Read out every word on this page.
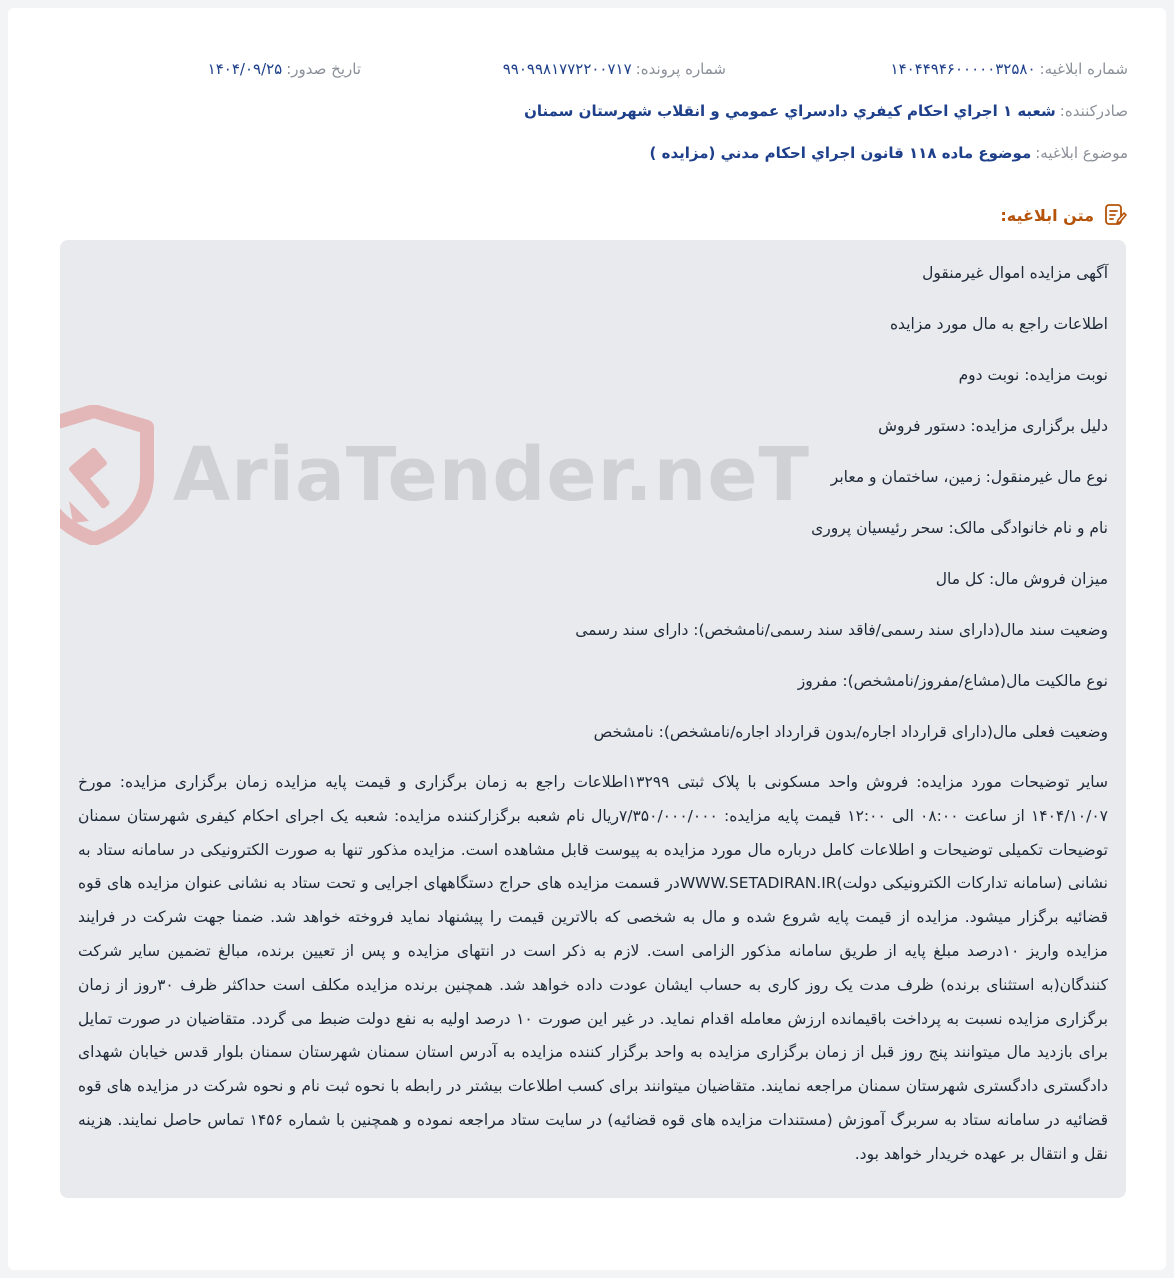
شماره ابلاغیه:
۱۴۰۴۴۹۴۶۰۰۰۰۰۳۲۵۸۰
شماره پرونده:
۹۹۰۹۹۸۱۷۷۲۲۰۰۷۱۷
تاریخ صدور:
۱۴۰۴/۰۹/۲۵
صادرکننده:
شعبه ۱ اجراي احکام کيفري دادسراي عمومي و انقلاب شهرستان سمنان
موضوع ابلاغیه:
موضوع ماده ۱۱۸ قانون اجراي احکام مدني (مزايده )
متن ابلاغیه:
AriaTender.neT
آگهی مزایده اموال غیرمنقول
اطلاعات راجع به مال مورد مزایده
نوبت مزایده: نوبت دوم
دلیل برگزاری مزایده: دستور فروش
نوع مال غیرمنقول: زمین، ساختمان و معابر
نام و نام خانوادگی مالک: سحر رئیسیان پروری
میزان فروش مال: کل مال
وضعیت سند مال(دارای سند رسمی/فاقد سند رسمی/نامشخص): دارای سند رسمی
نوع مالکیت مال(مشاع/مفروز/نامشخص): مفروز
وضعیت فعلی مال(دارای قرارداد اجاره/بدون قرارداد اجاره/نامشخص): نامشخص
سایر توضیحات مورد مزایده: فروش واحد مسکونی با پلاک ثبتی ۱۳۲۹۹اطلاعات راجع به زمان برگزاری و قیمت پایه مزایده زمان برگزاری مزایده: مورخ ۱۴۰۴/۱۰/۰۷ از ساعت ۰۸:۰۰ الی ۱۲:۰۰ قیمت پایه مزایده: ۷/۳۵۰/۰۰۰/۰۰۰ریال نام شعبه برگزارکننده مزایده: شعبه یک اجرای احکام کیفری شهرستان سمنان توضیحات تکمیلی توضیحات و اطلاعات کامل درباره مال مورد مزایده به پیوست قابل مشاهده است. مزایده مذکور تنها به صورت الکترونیکی در سامانه ستاد به نشانی (سامانه تدارکات الکترونیکی دولت)WWW.SETADIRAN.IRدر قسمت مزایده های حراج دستگاههای اجرایی و تحت ستاد به نشانی عنوان مزایده های قوه قضائیه برگزار میشود. مزایده از قیمت پایه شروع شده و مال به شخصی که بالاترین قیمت را پیشنهاد نماید فروخته خواهد شد. ضمنا جهت شرکت در فرایند مزایده واریز ۱۰درصد مبلغ پایه از طریق سامانه مذکور الزامی است. لازم به ذکر است در انتهای مزایده و پس از تعیین برنده، مبالغ تضمین سایر شرکت کنندگان(به استثنای برنده) ظرف مدت یک روز کاری به حساب ایشان عودت داده خواهد شد. همچنین برنده مزایده مکلف است حداکثر ظرف ۳۰روز از زمان برگزاری مزایده نسبت به پرداخت باقیمانده ارزش معامله اقدام نماید. در غیر این صورت ۱۰ درصد اولیه به نفع دولت ضبط می گردد. متقاضیان در صورت تمایل برای بازدید مال میتوانند پنج روز قبل از زمان برگزاری مزایده به واحد برگزار کننده مزایده به آدرس استان سمنان شهرستان سمنان بلوار قدس خیابان شهدای دادگستری دادگستری شهرستان سمنان مراجعه نمایند. متقاضیان میتوانند برای کسب اطلاعات بیشتر در رابطه با نحوه ثبت نام و نحوه شرکت در مزایده های قوه قضائیه در سامانه ستاد به سربرگ آموزش (مستندات مزایده های قوه قضائیه) در سایت ستاد مراجعه نموده و همچنین با شماره ۱۴۵۶ تماس حاصل نمایند. هزینه نقل و انتقال بر عهده خریدار خواهد بود.
